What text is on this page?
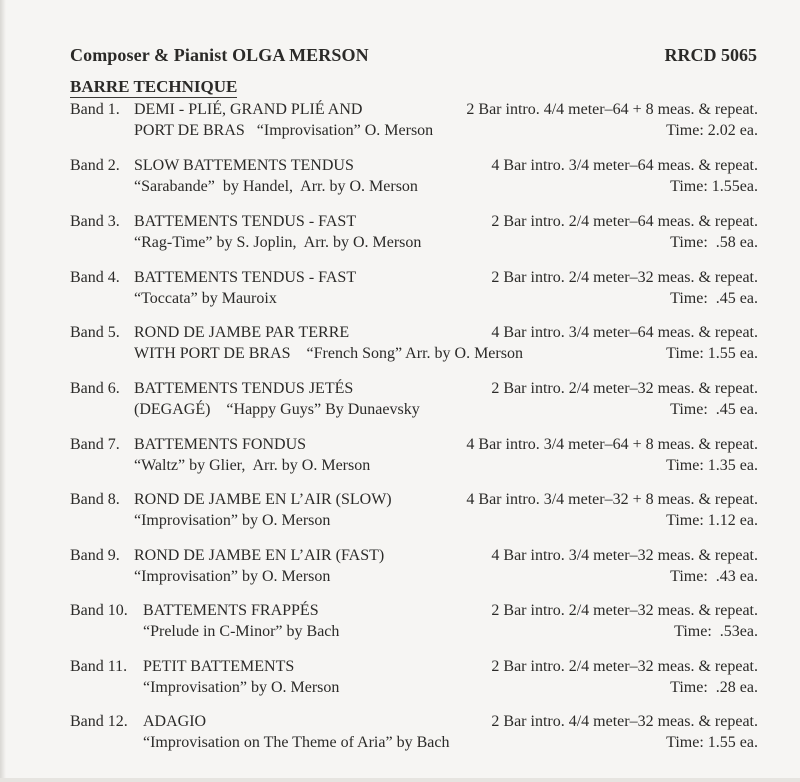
Composer & Pianist OLGA MERSON	RRCD 5065
BARRE TECHNIQUE
Band 1. DEMI - PLIÉ, GRAND PLIÉ AND	2 Bar intro. 4/4 meter–64 + 8 meas. & repeat.
PORT DE BRAS   “Improvisation” O. Merson	Time: 2.02 ea.
Band 2. SLOW BATTEMENTS TENDUS	4 Bar intro. 3/4 meter–64 meas. & repeat.
“Sarabande”  by Handel,  Arr. by O. Merson	Time: 1.55ea.
Band 3. BATTEMENTS TENDUS - FAST	2 Bar intro. 2/4 meter–64 meas. & repeat.
“Rag-Time” by S. Joplin,  Arr. by O. Merson	Time:  .58 ea.
Band 4. BATTEMENTS TENDUS - FAST	2 Bar intro. 2/4 meter–32 meas. & repeat.
“Toccata” by Mauroix	Time:  .45 ea.
Band 5. ROND DE JAMBE PAR TERRE	4 Bar intro. 3/4 meter–64 meas. & repeat.
WITH PORT DE BRAS    “French Song” Arr. by O. Merson	Time: 1.55 ea.
Band 6. BATTEMENTS TENDUS JETÉS	2 Bar intro. 2/4 meter–32 meas. & repeat.
(DEGAGÉ)    “Happy Guys” By Dunaevsky	Time:  .45 ea.
Band 7. BATTEMENTS FONDUS	4 Bar intro. 3/4 meter–64 + 8 meas. & repeat.
“Waltz” by Glier,  Arr. by O. Merson	Time: 1.35 ea.
Band 8. ROND DE JAMBE EN L’AIR (SLOW)	4 Bar intro. 3/4 meter–32 + 8 meas. & repeat.
“Improvisation” by O. Merson	Time: 1.12 ea.
Band 9. ROND DE JAMBE EN L’AIR (FAST)	4 Bar intro. 3/4 meter–32 meas. & repeat.
“Improvisation” by O. Merson	Time:  .43 ea.
Band 10. BATTEMENTS FRAPPÉS	2 Bar intro. 2/4 meter–32 meas. & repeat.
“Prelude in C-Minor” by Bach	Time:  .53ea.
Band 11. PETIT BATTEMENTS	2 Bar intro. 2/4 meter–32 meas. & repeat.
“Improvisation” by O. Merson	Time:  .28 ea.
Band 12. ADAGIO	2 Bar intro. 4/4 meter–32 meas. & repeat.
“Improvisation on The Theme of Aria” by Bach	Time: 1.55 ea.
